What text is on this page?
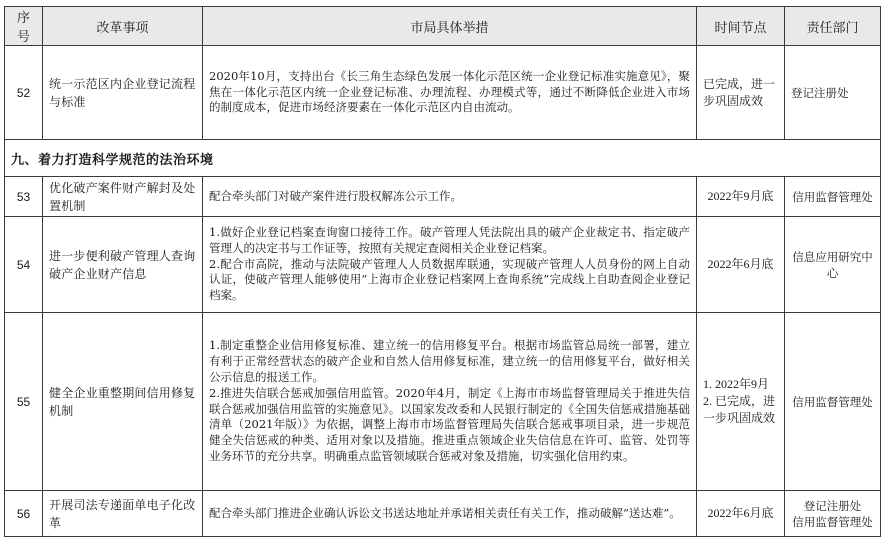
序号	改革事项	市局具体举措	时间节点	责任部门
52	统一示范区内企业登记流程与标准	2020年10月，支持出台《长三角生态绿色发展一体化示范区统一企业登记标准实施意见》，聚焦在一体化示范区内统一企业登记标准、办理流程、办理模式等，通过不断降低企业进入市场的制度成本，促进市场经济要素在一体化示范区内自由流动。	已完成，进一步巩固成效	登记注册处
九、着力打造科学规范的法治环境				
53	优化破产案件财产解封及处置机制	配合牵头部门对破产案件进行股权解冻公示工作。	2022年9月底	信用监督管理处
54	进一步便利破产管理人查询破产企业财产信息	1.做好企业登记档案查询窗口接待工作。破产管理人凭法院出具的破产企业裁定书、指定破产管理人的决定书与工作证等，按照有关规定查阅相关企业登记档案。
2.配合市高院，推动与法院破产管理人人员数据库联通，实现破产管理人人员身份的网上自动认证，使破产管理人能够使用“上海市企业登记档案网上查询系统”完成线上自助查阅企业登记档案。	2022年6月底	信息应用研究中心
55	健全企业重整期间信用修复机制	1.制定重整企业信用修复标准、建立统一的信用修复平台。根据市场监管总局统一部署，建立有利于正常经营状态的破产企业和自然人信用修复标准，建立统一的信用修复平台，做好相关公示信息的报送工作。
2.推进失信联合惩戒加强信用监管。2020年4月，制定《上海市市场监督管理局关于推进失信联合惩戒加强信用监管的实施意见》。以国家发改委和人民银行制定的《全国失信惩戒措施基础清单（2021年版）》为依据，调整上海市市场监督管理局失信联合惩戒事项目录，进一步规范健全失信惩戒的种类、适用对象以及措施。推进重点领域企业失信信息在许可、监管、处罚等业务环节的充分共享。明确重点监管领域联合惩戒对象及措施，切实强化信用约束。	1. 2022年9月
2. 已完成，进一步巩固成效	信用监督管理处
56	开展司法专递面单电子化改革	配合牵头部门推进企业确认诉讼文书送达地址并承诺相关责任有关工作，推动破解“送达难”。	2022年6月底	登记注册处
信用监督管理处
